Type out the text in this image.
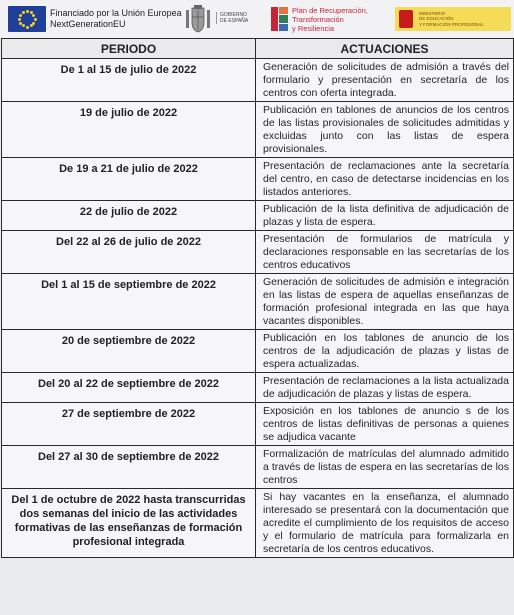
Financiado por la Unión Europea
NextGenerationEU
GOBIERNO
DE ESPAÑA
Plan de Recuperación,
Transformación
y Resiliencia
MINISTERIO
DE EDUCACIÓN
Y FORMACIÓN PROFESIONAL
PERIODO	ACTUACIONES
De 1 al 15 de julio de 2022	Generación de solicitudes de admisión a través del formulario y presentación en secretaría de los centros con oferta integrada.
19 de julio de 2022	Publicación en tablones de anuncios de los centros de las listas provisionales de solicitudes admitidas y excluidas junto con las listas de espera provisionales.
De 19 a 21 de julio de 2022	Presentación de reclamaciones ante la secretaría del centro, en caso de detectarse incidencias en los listados anteriores.
22 de julio de 2022	Publicación de la lista definitiva de adjudicación de plazas y lista de espera.
Del 22 al 26 de julio de 2022	Presentación de formularios de matrícula y declaraciones responsable en las secretarías de los centros educativos
Del 1 al 15 de septiembre de 2022	Generación de solicitudes de admisión e integración en las listas de espera de aquellas enseñanzas de formación profesional integrada en las que haya vacantes disponibles.
20 de septiembre de 2022	Publicación en los tablones de anuncio de los centros de la adjudicación de plazas y listas de espera actualizadas.
Del 20 al 22 de septiembre de 2022	Presentación de reclamaciones a la lista actualizada de adjudicación de plazas y listas de espera.
27 de septiembre de 2022	Exposición en los tablones de anuncio s de los centros de listas definitivas de personas a quienes se adjudica vacante
Del 27 al 30 de septiembre de 2022	Formalización de matrículas del alumnado admitido a través de listas de espera en las secretarías de los centros
Del 1 de octubre de 2022 hasta transcurridas dos semanas del inicio de las actividades formativas de las enseñanzas de formación profesional integrada	Si hay vacantes en la enseñanza, el alumnado interesado se presentará con la documentación que acredite el cumplimiento de los requisitos de acceso y el formulario de matrícula para formalizarla en secretaría de los centros educativos.
